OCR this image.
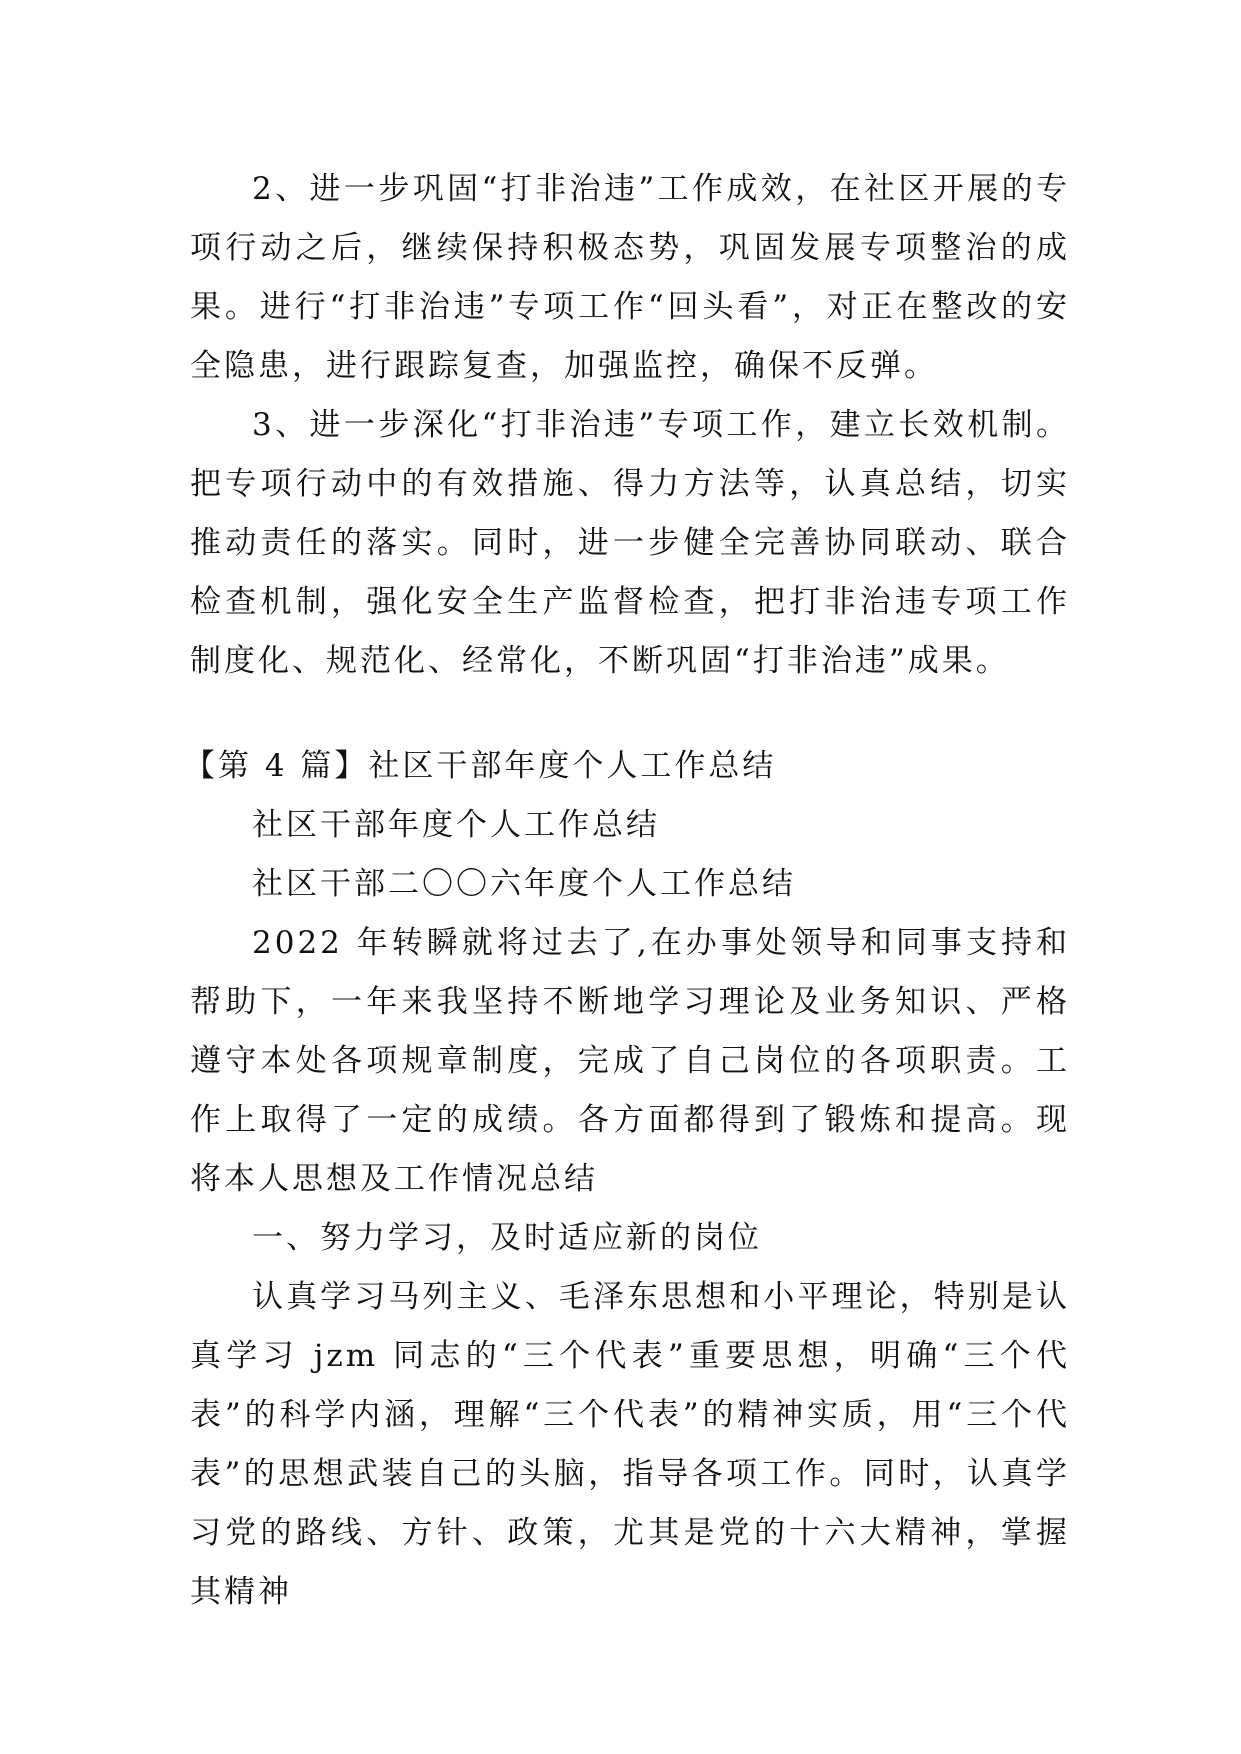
2、进一步巩固“打非治违”工作成效，在社区开展的专项行动之后，继续保持积极态势，巩固发展专项整治的成果。进行“打非治违”专项工作“回头看”，对正在整改的安全隐患，进行跟踪复查，加强监控，确保不反弹。

3、进一步深化“打非治违”专项工作，建立长效机制。把专项行动中的有效措施、得力方法等，认真总结，切实推动责任的落实。同时，进一步健全完善协同联动、联合检查机制，强化安全生产监督检查，把打非治违专项工作制度化、规范化、经常化，不断巩固“打非治违”成果。

【第 4 篇】社区干部年度个人工作总结

社区干部年度个人工作总结

社区干部二〇〇六年度个人工作总结

2022 年转瞬就将过去了,在办事处领导和同事支持和帮助下，一年来我坚持不断地学习理论及业务知识、严格遵守本处各项规章制度，完成了自己岗位的各项职责。工作上取得了一定的成绩。各方面都得到了锻炼和提高。现将本人思想及工作情况总结

一、努力学习，及时适应新的岗位

认真学习马列主义、毛泽东思想和小平理论，特别是认真学习 jzm 同志的“三个代表”重要思想，明确“三个代表”的科学内涵，理解“三个代表”的精神实质，用“三个代表”的思想武装自己的头脑，指导各项工作。同时，认真学习党的路线、方针、政策，尤其是党的十六大精神，掌握其精神
